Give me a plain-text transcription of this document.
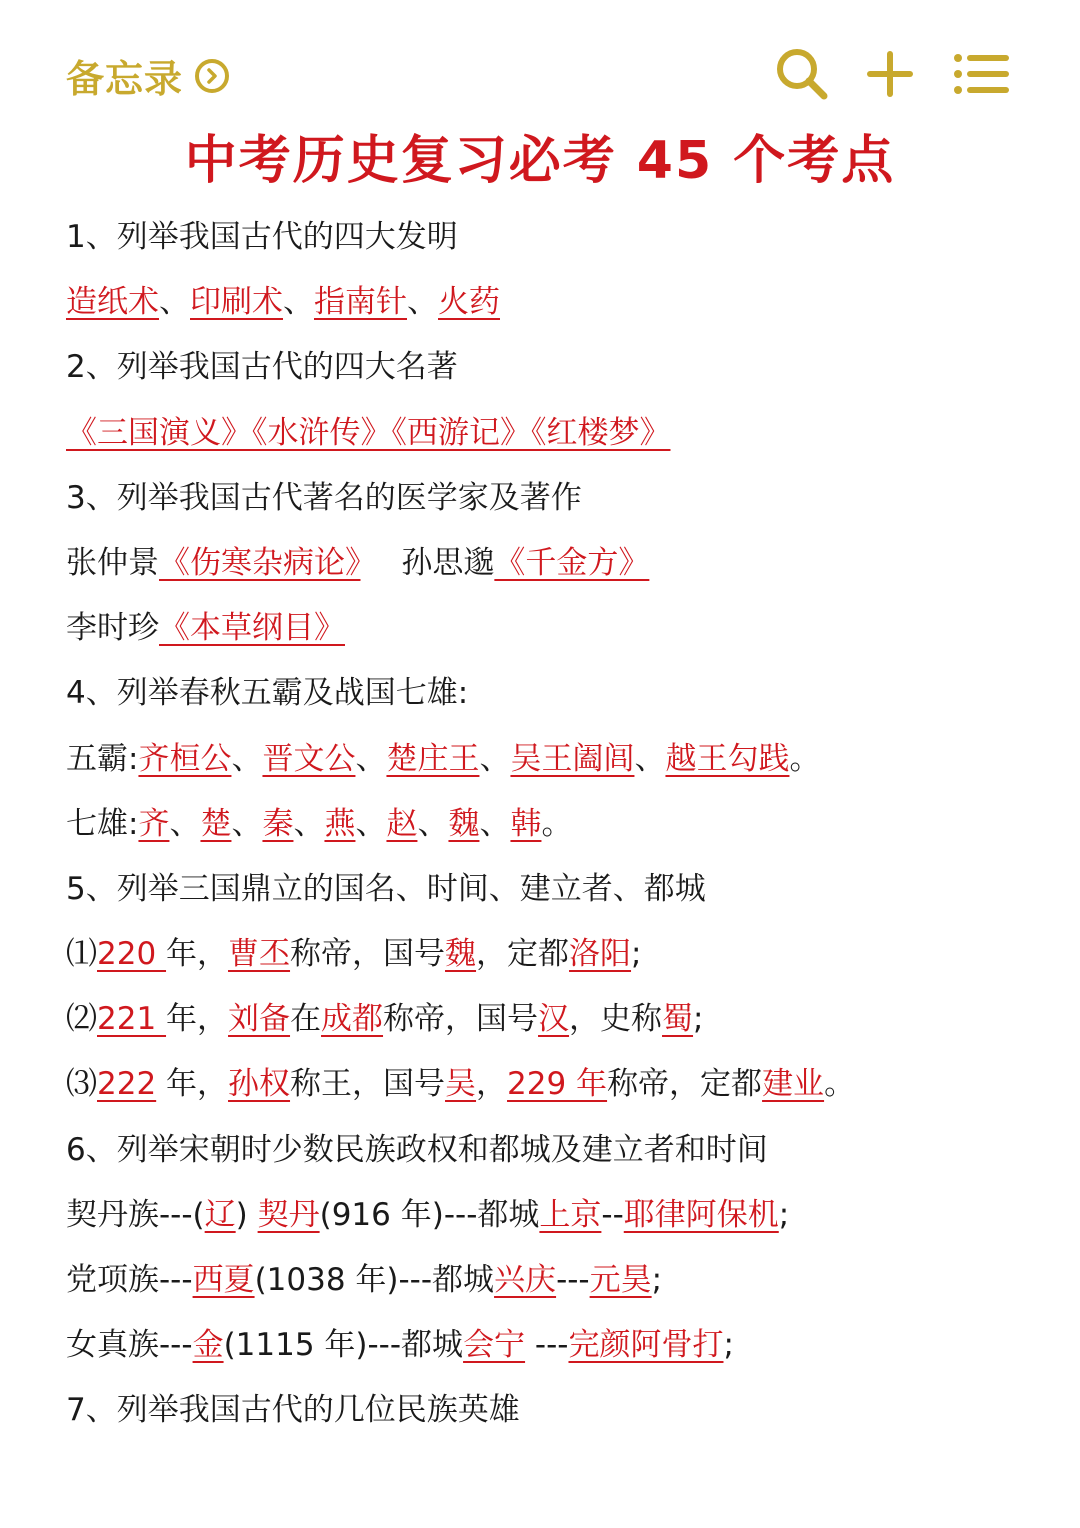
备忘录
中考历史复习必考 45 个考点
1、列举我国古代的四大发明
造纸术、印刷术、指南针、火药
2、列举我国古代的四大名著
《三国演义》《水浒传》《西游记》《红楼梦》
3、列举我国古代著名的医学家及著作
张仲景《伤寒杂病论》　 孙思邈《千金方》
李时珍《本草纲目》
4、列举春秋五霸及战国七雄:
五霸:齐桓公、晋文公、楚庄王、吴王阖闾、越王勾践。
七雄:齐、楚、秦、燕、赵、魏、韩。
5、列举三国鼎立的国名、时间、建立者、都城
⑴220 年，曹丕称帝，国号魏，定都洛阳;
⑵221 年，刘备在成都称帝，国号汉，史称蜀;
⑶222 年，孙权称王，国号吴，229 年称帝，定都建业。
6、列举宋朝时少数民族政权和都城及建立者和时间
契丹族---(辽) 契丹(916 年)---都城上京--耶律阿保机;
党项族---西夏(1038 年)---都城兴庆---元昊;
女真族---金(1115 年)---都城会宁 ---完颜阿骨打;
7、列举我国古代的几位民族英雄
